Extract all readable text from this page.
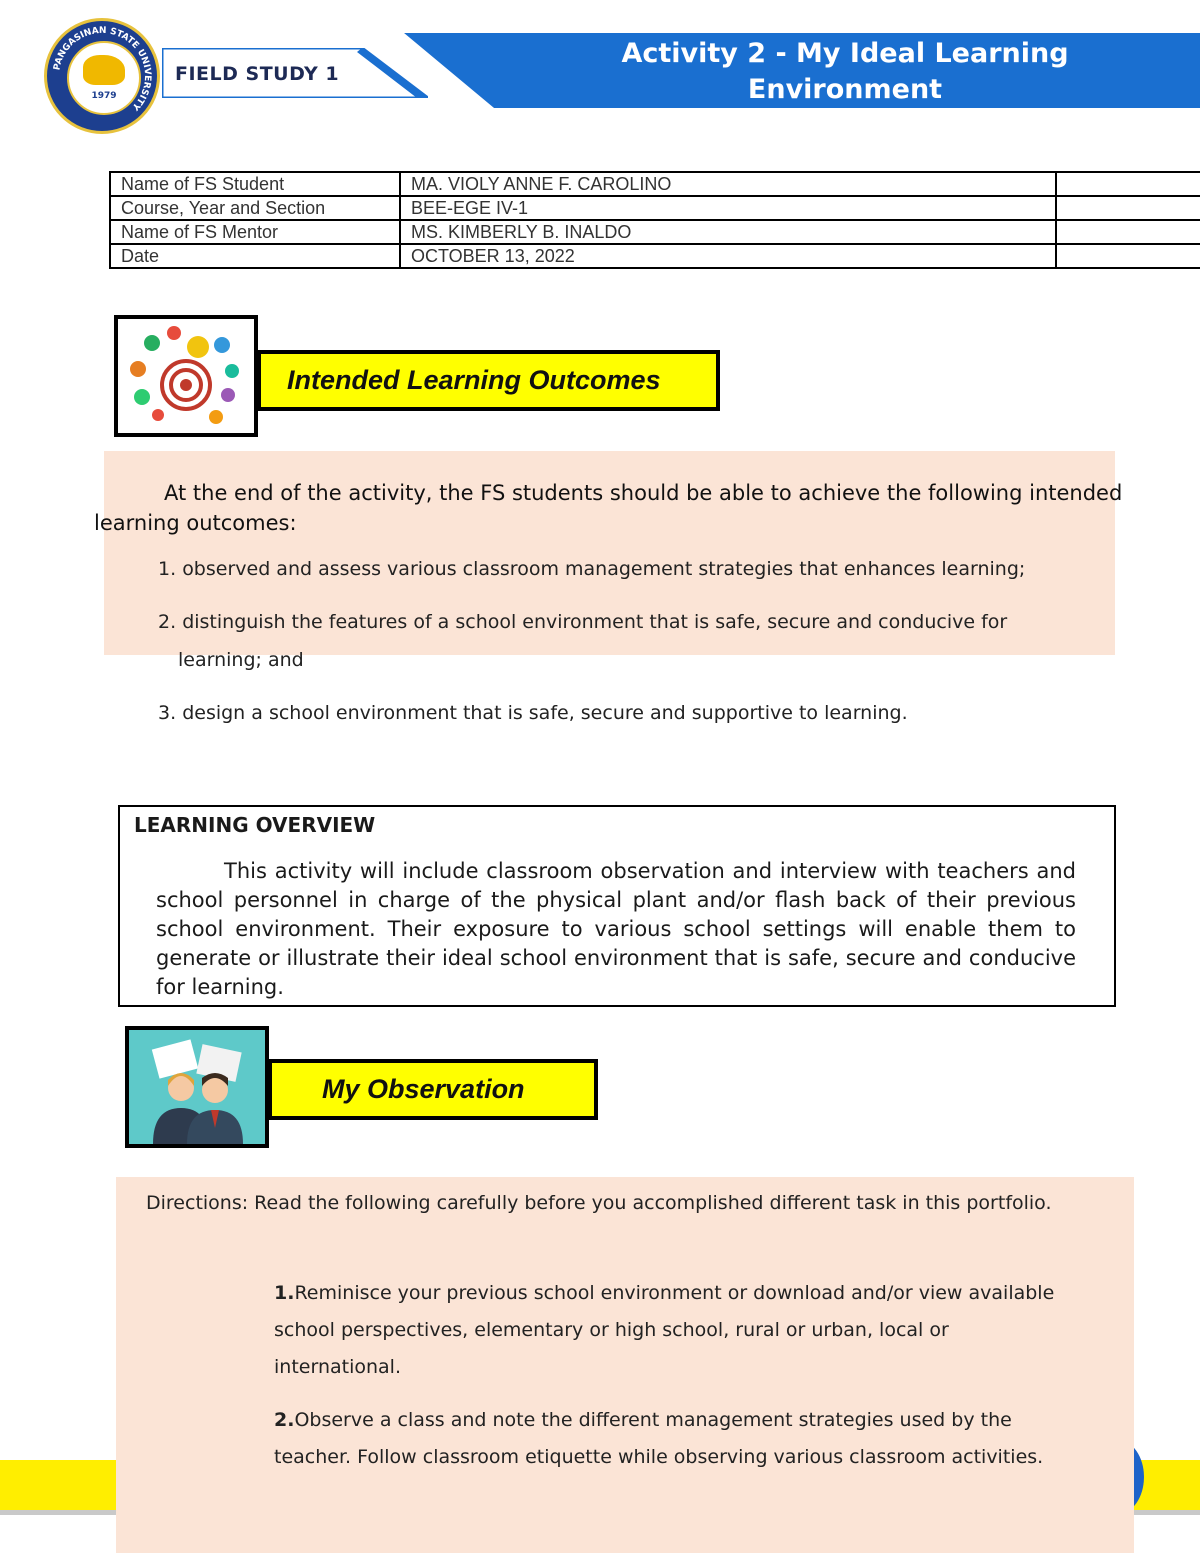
PANGASINAN STATE UNIVERSITY
1979
FIELD STUDY 1
Activity 2 - My Ideal Learning
Environment
Name of FS Student	MA. VIOLY ANNE F. CAROLINO	
Course, Year and Section	BEE-EGE IV-1	
Name of FS Mentor	MS. KIMBERLY B. INALDO	
Date	OCTOBER 13, 2022	
Intended Learning Outcomes
At the end of the activity, the FS students should be able to achieve the following intended learning outcomes:
1. observed and assess various classroom management strategies that enhances learning;
2. distinguish the features of a school environment that is safe, secure and conducive for
learning; and
3. design a school environment that is safe, secure and supportive to learning.
LEARNING OVERVIEW
This activity will include classroom observation and interview with teachers and school personnel in charge of the physical plant and/or flash back of their previous school environment. Their exposure to various school settings will enable them to generate or illustrate their ideal school environment that is safe, secure and conducive for learning.
My Observation
Directions: Read the following carefully before you accomplished different task in this portfolio.

1.Reminisce your previous school environment or download and/or view available school perspectives, elementary or high school, rural or urban, local or international.

2.Observe a class and note the different management strategies used by the teacher. Follow classroom etiquette while observing various classroom activities.
